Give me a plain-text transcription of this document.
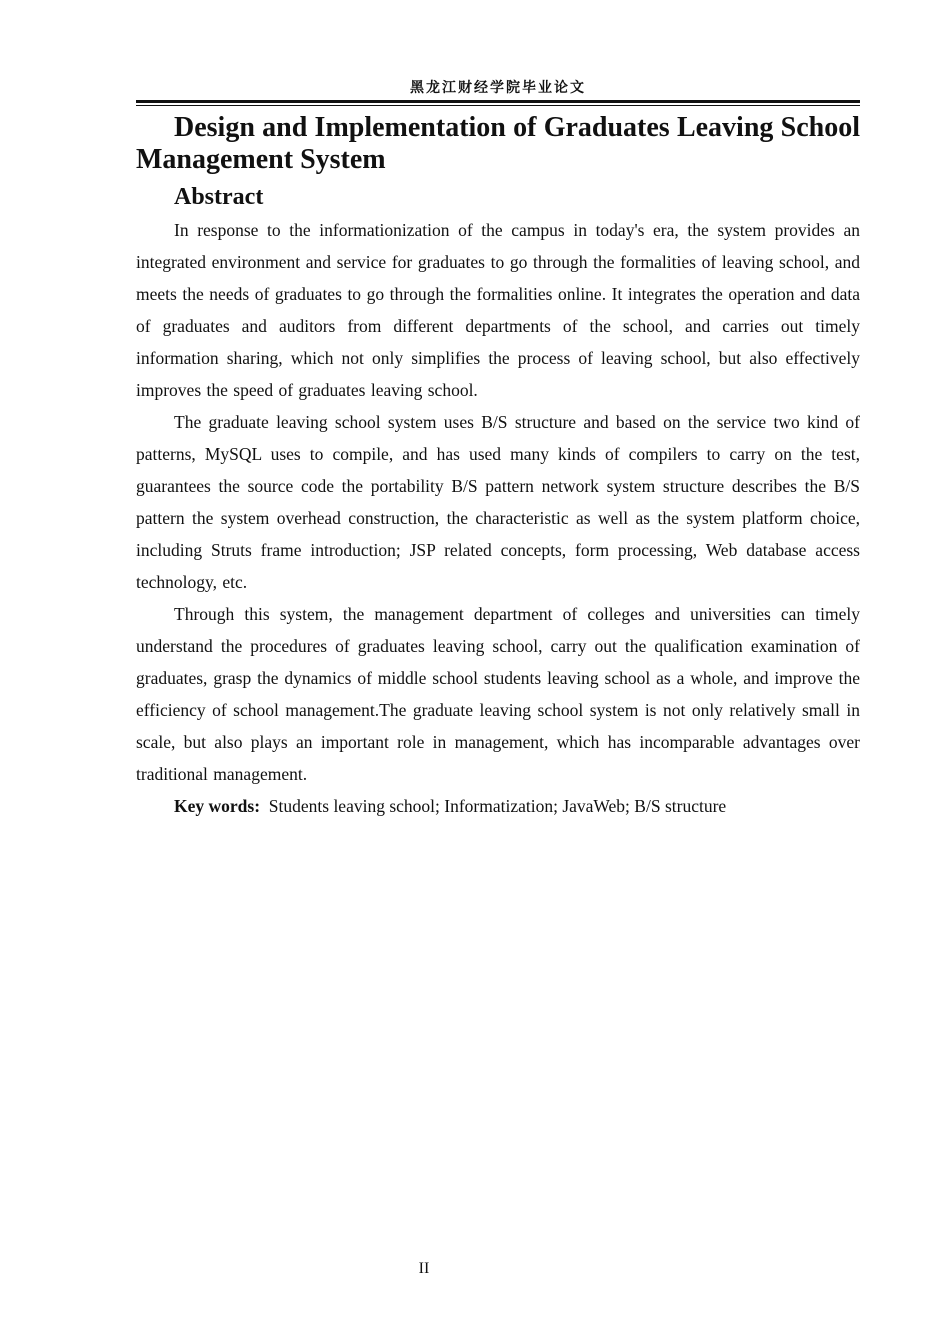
黑龙江财经学院毕业论文
Design and Implementation of Graduates Leaving School Management System
Abstract

In response to the informationization of the campus in today's era, the system provides an integrated environment and service for graduates to go through the formalities of leaving school, and meets the needs of graduates to go through the formalities online. It integrates the operation and data of graduates and auditors from different departments of the school, and carries out timely information sharing, which not only simplifies the process of leaving school, but also effectively improves the speed of graduates leaving school.

The graduate leaving school system uses B/S structure and based on the service two kind of patterns, MySQL uses to compile, and has used many kinds of compilers to carry on the test, guarantees the source code the portability B/S pattern network system structure describes the B/S pattern the system overhead construction, the characteristic as well as the system platform choice, including Struts frame introduction; JSP related concepts, form processing, Web database access technology, etc.

Through this system, the management department of colleges and universities can timely understand the procedures of graduates leaving school, carry out the qualification examination of graduates, grasp the dynamics of middle school students leaving school as a whole, and improve the efficiency of school management.The graduate leaving school system is not only relatively small in scale, but also plays an important role in management, which has incomparable advantages over traditional management.

Key words: Students leaving school; Informatization; JavaWeb; B/S structure

II
